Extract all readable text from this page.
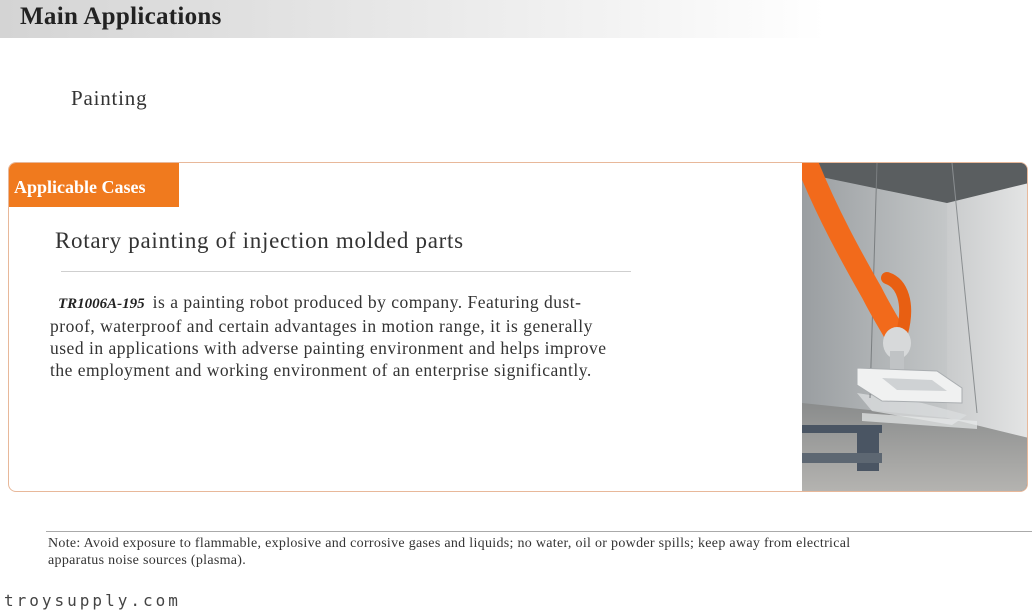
Main Applications
Painting
Applicable Cases
Rotary painting of injection molded parts
TR1006A-195 is a painting robot produced by company. Featuring dust-proof, waterproof and certain advantages in motion range, it is generally used in applications with adverse painting environment and helps improve the employment and working environment of an enterprise significantly.
Note: Avoid exposure to flammable, explosive and corrosive gases and liquids; no water, oil or powder spills; keep away from electrical apparatus noise sources (plasma).
troysupply.com
